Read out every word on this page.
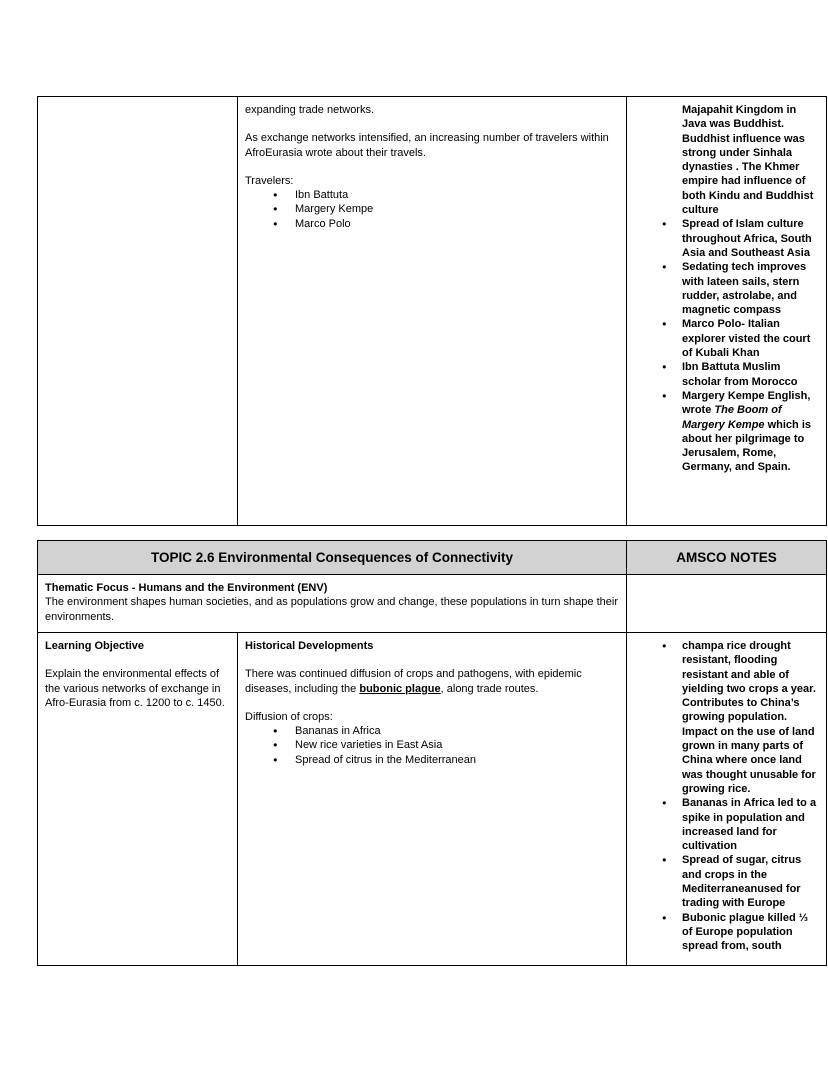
expanding trade networks.

As exchange networks intensified, an increasing number of travelers within AfroEurasia wrote about their travels.

Travelers:

●
Ibn Battuta
●
Margery Kempe
●
Marco Polo
Majapahit Kingdom in Java was Buddhist. Buddhist influence was strong under Sinhala dynasties . The Khmer empire had influence of both Kindu and Buddhist culture
●
Spread of Islam culture throughout Africa, South Asia and Southeast Asia
●
Sedating tech improves with lateen sails, stern rudder, astrolabe, and magnetic compass
●
Marco Polo- Italian explorer visted the court of Kubali Khan
●
Ibn Battuta Muslim scholar from Morocco
●
Margery Kempe English, wrote The Boom of Margery Kempe which is about her pilgrimage to Jerusalem, Rome, Germany, and Spain.
TOPIC 2.6 Environmental Consequences of Connectivity	AMSCO NOTES

Thematic Focus - Humans and the Environment (ENV)

The environment shapes human societies, and as populations grow and change, these populations in turn shape their environments.

Learning Objective

Explain the environmental effects of the various networks of exchange in Afro-Eurasia from c. 1200 to c. 1450.

Historical Developments

There was continued diffusion of crops and pathogens, with epidemic diseases, including the bubonic plague, along trade routes.

Diffusion of crops:

●
Bananas in Africa
●
New rice varieties in East Asia
●
Spread of citrus in the Mediterranean
●
champa rice drought resistant, flooding resistant and able of yielding two crops a year. Contributes to China’s growing population. Impact on the use of land grown in many parts of China where once land was thought unusable for growing rice.
●
Bananas in Africa led to a spike in population and increased land for cultivation
●
Spread of sugar, citrus and crops in the Mediterraneanused for trading with Europe
●
Bubonic plague killed ⅓ of Europe population spread from, south
